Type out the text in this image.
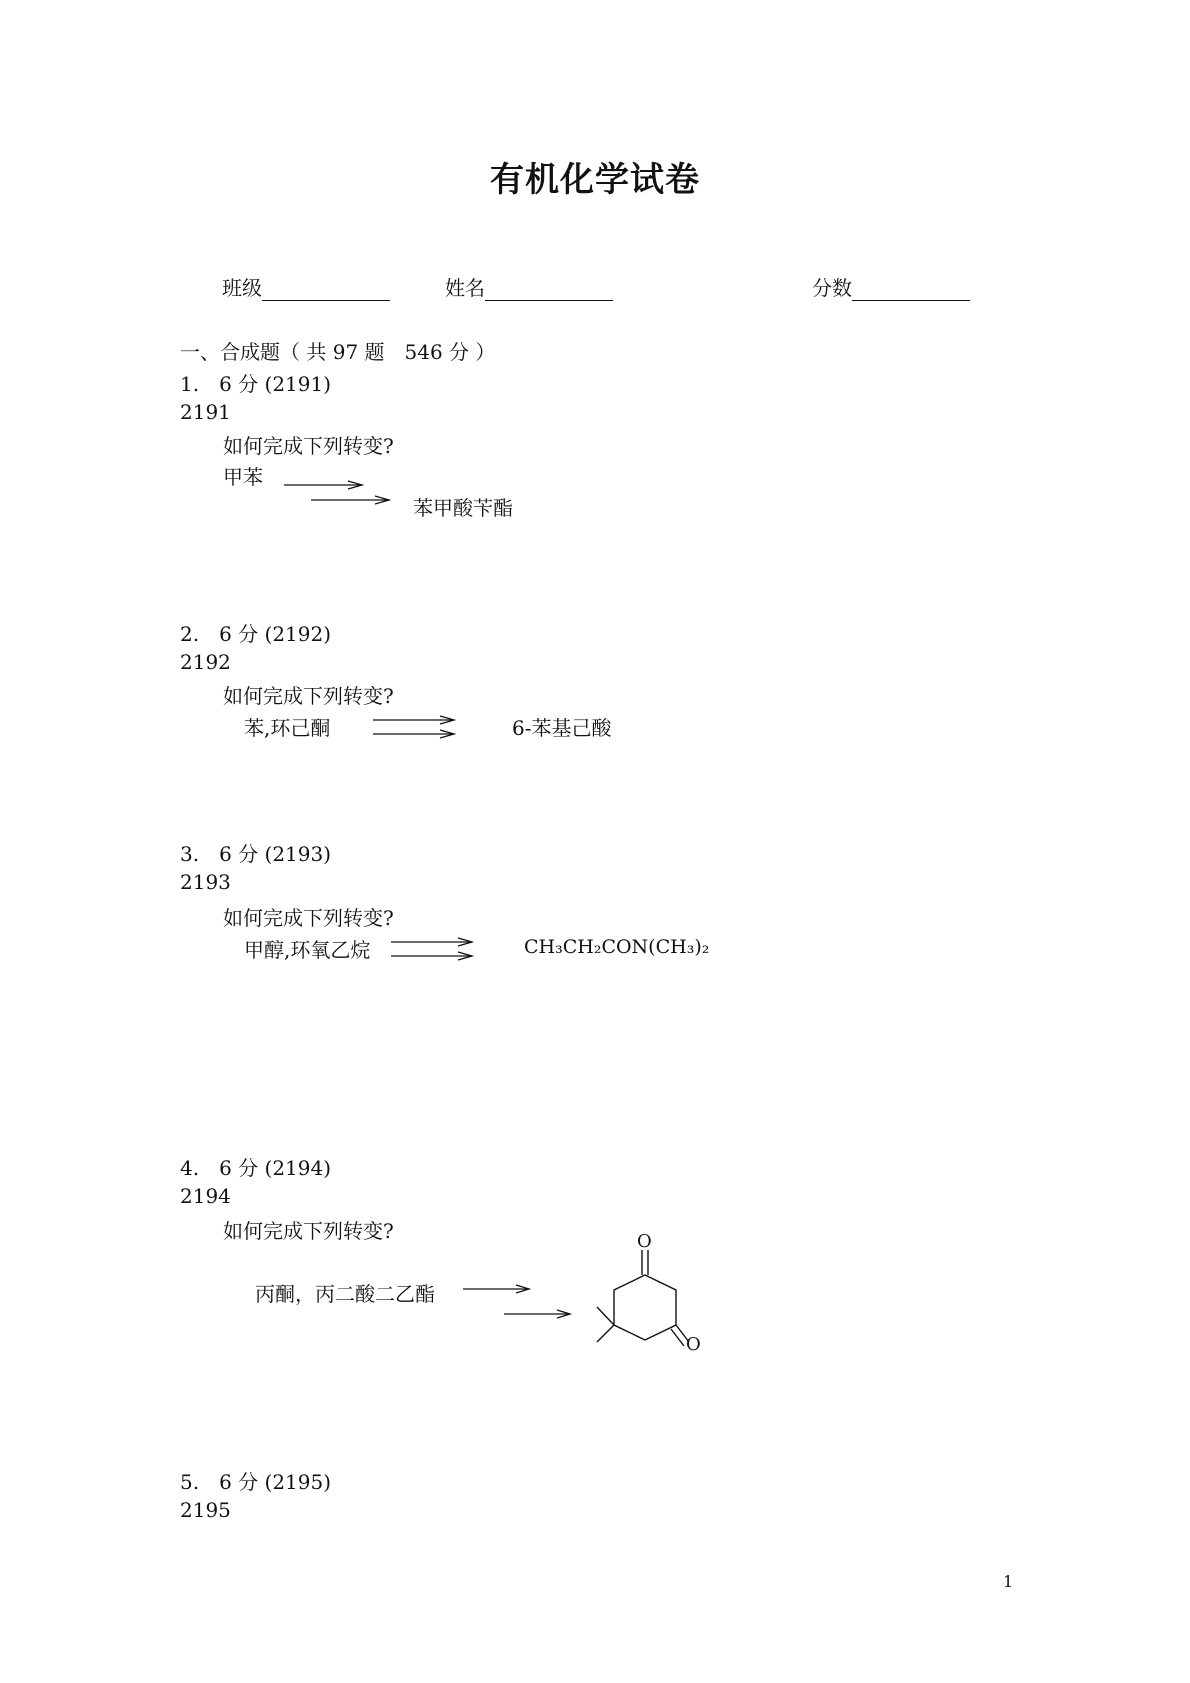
有机化学试卷
班级	姓名	分数
一、合成题（ 共 97 题　546 分 ）
1.　6 分 (2191)
2191
如何完成下列转变?
甲苯
苯甲酸苄酯
2.　6 分 (2192)
2192
如何完成下列转变?
苯,环己酮	6-苯基己酸
3.　6 分 (2193)
2193
如何完成下列转变?
甲醇,环氧乙烷	CH₃CH₂CON(CH₃)₂
4.　6 分 (2194)
2194
如何完成下列转变?
丙酮，丙二酸二乙酯
O
O
5.　6 分 (2195)
2195
1
